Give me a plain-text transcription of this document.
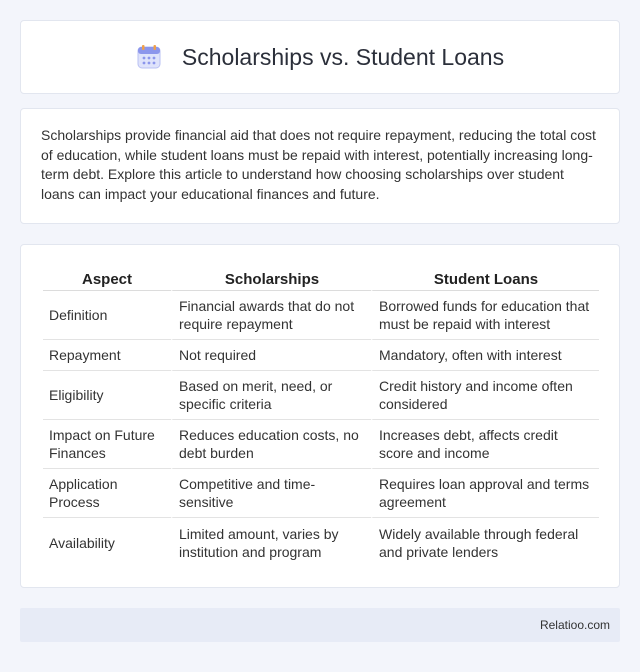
Scholarships vs. Student Loans

Scholarships provide financial aid that does not require repayment, reducing the total cost of education, while student loans must be repaid with interest, potentially increasing long-term debt. Explore this article to understand how choosing scholarships over student loans can impact your educational finances and future.

Aspect	Scholarships	Student Loans
Definition	Financial awards that do not require repayment	Borrowed funds for education that must be repaid with interest
Repayment	Not required	Mandatory, often with interest
Eligibility	Based on merit, need, or specific criteria	Credit history and income often considered
Impact on Future Finances	Reduces education costs, no debt burden	Increases debt, affects credit score and income
Application Process	Competitive and time-sensitive	Requires loan approval and terms agreement
Availability	Limited amount, varies by institution and program	Widely available through federal and private lenders
Relatioo.com
